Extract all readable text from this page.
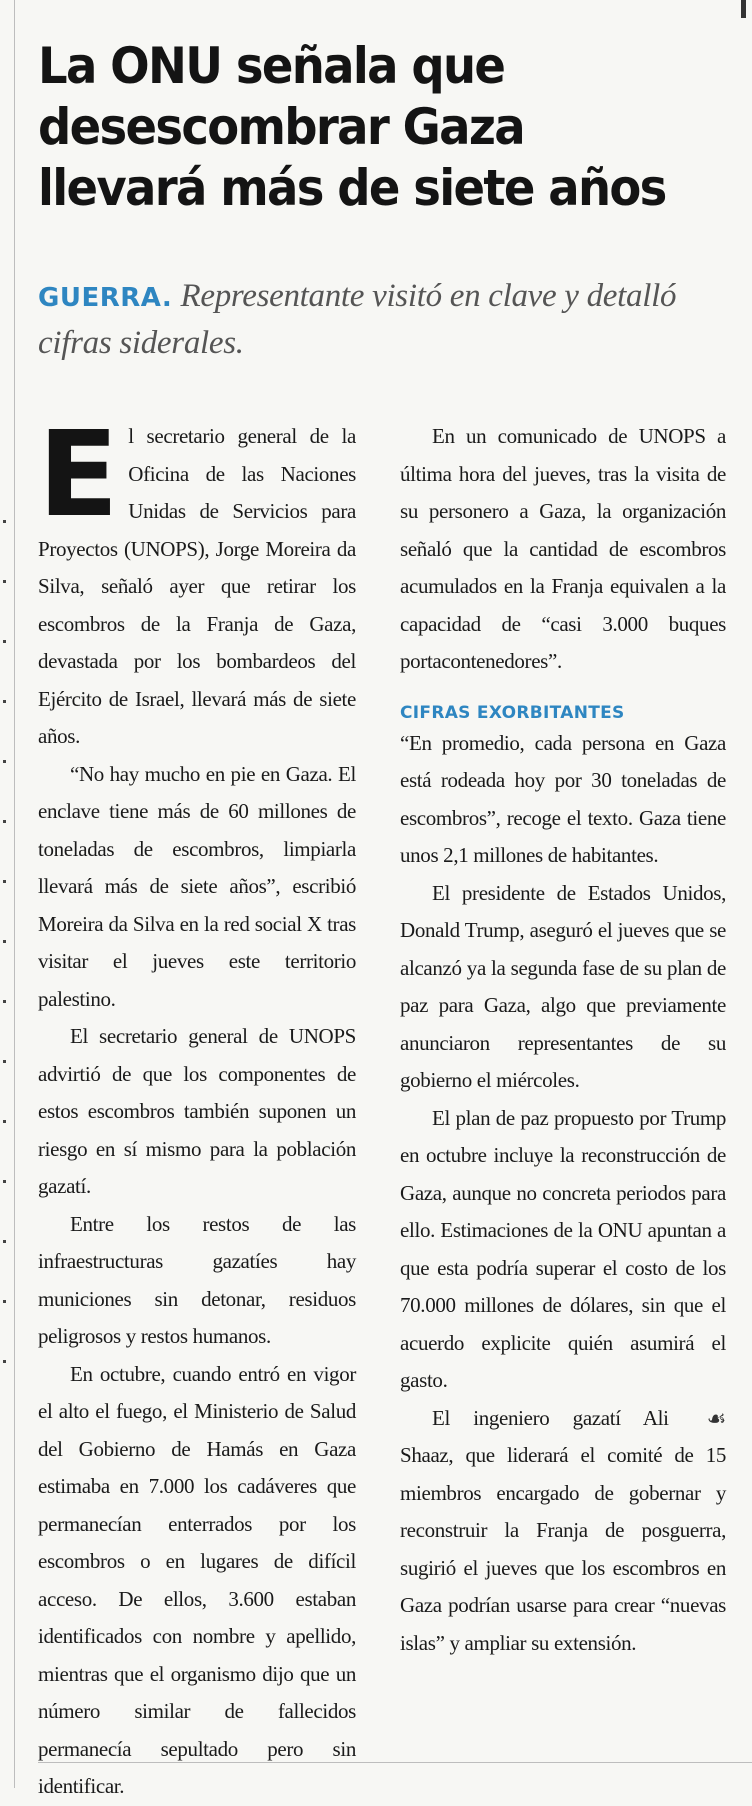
La ONU señala que desescombrar Gaza llevará más de siete años

GUERRA. Representante visitó en clave y detalló cifras siderales.

El secretario general de la Oficina de las Naciones Unidas de Servicios para Proyectos (UNOPS), Jorge Moreira da Silva, señaló ayer que retirar los escombros de la Franja de Gaza, devastada por los bombardeos del Ejército de Israel, llevará más de siete años.

“No hay mucho en pie en Gaza. El enclave tiene más de 60 millones de toneladas de escombros, limpiarla llevará más de siete años”, escribió Moreira da Silva en la red social X tras visitar el jueves este territorio palestino.

El secretario general de UNOPS advirtió de que los componentes de estos escombros también suponen un riesgo en sí mismo para la población gazatí.

Entre los restos de las infraestructuras gazatíes hay municiones sin detonar, residuos peligrosos y restos humanos.

En octubre, cuando entró en vigor el alto el fuego, el Ministerio de Salud del Gobierno de Hamás en Gaza estimaba en 7.000 los cadáveres que permanecían enterrados por los escombros o en lugares de difícil acceso. De ellos, 3.600 estaban identificados con nombre y apellido, mientras que el organismo dijo que un número similar de fallecidos permanecía sepultado pero sin identificar.

En un comunicado de UNOPS a última hora del jueves, tras la visita de su personero a Gaza, la organización señaló que la cantidad de escombros acumulados en la Franja equivalen a la capacidad de “casi 3.000 buques portacontenedores”.

CIFRAS EXORBITANTES

“En promedio, cada persona en Gaza está rodeada hoy por 30 toneladas de escombros”, recoge el texto. Gaza tiene unos 2,1 millones de habitantes.

El presidente de Estados Unidos, Donald Trump, aseguró el jueves que se alcanzó ya la segunda fase de su plan de paz para Gaza, algo que previamente anunciaron representantes de su gobierno el miércoles.

El plan de paz propuesto por Trump en octubre incluye la reconstrucción de Gaza, aunque no concreta periodos para ello. Estimaciones de la ONU apuntan a que esta podría superar el costo de los 70.000 millones de dólares, sin que el acuerdo explicite quién asumirá el gasto.

☙
El ingeniero gazatí Ali Shaaz, que liderará el comité de 15 miembros encargado de gobernar y reconstruir la Franja de posguerra, sugirió el jueves que los escombros en Gaza podrían usarse para crear “nuevas islas” y ampliar su extensión.
